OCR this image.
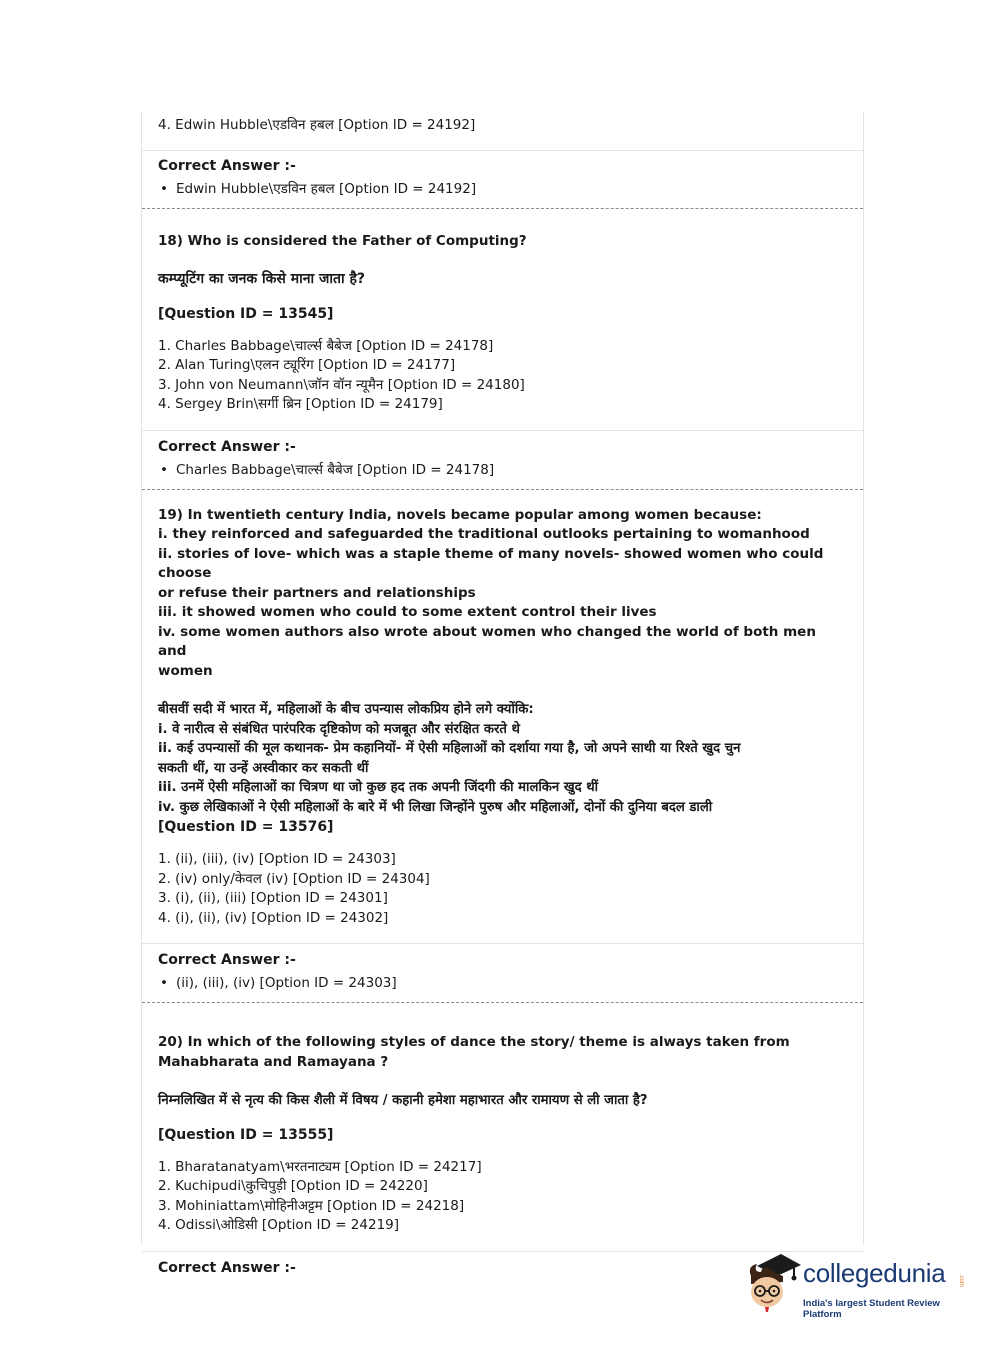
4. Edwin Hubble\एडविन हबल [Option ID = 24192]
Correct Answer :-
• Edwin Hubble\एडविन हबल [Option ID = 24192]
18) Who is considered the Father of Computing?
कम्प्यूटिंग का जनक किसे माना जाता है?
[Question ID = 13545]
1. Charles Babbage\चार्ल्स बैबेज [Option ID = 24178]
2. Alan Turing\एलन ट्यूरिंग [Option ID = 24177]
3. John von Neumann\जॉन वॉन न्यूमैन [Option ID = 24180]
4. Sergey Brin\सर्गी ब्रिन [Option ID = 24179]
Correct Answer :-
• Charles Babbage\चार्ल्स बैबेज [Option ID = 24178]
19) In twentieth century India, novels became popular among women because:
i. they reinforced and safeguarded the traditional outlooks pertaining to womanhood
ii. stories of love- which was a staple theme of many novels- showed women who could choose
or refuse their partners and relationships
iii. it showed women who could to some extent control their lives
iv. some women authors also wrote about women who changed the world of both men and
women
बीसवीं सदी में भारत में, महिलाओं के बीच उपन्यास लोकप्रिय होने लगे क्योंकि:
i. वे नारीत्व से संबंधित पारंपरिक दृष्टिकोण को मजबूत और संरक्षित करते थे
ii. कई उपन्यासों की मूल कथानक- प्रेम कहानियों- में ऐसी महिलाओं को दर्शाया गया है, जो अपने साथी या रिश्ते खुद चुन
सकती थीं, या उन्हें अस्वीकार कर सकती थीं
iii. उनमें ऐसी महिलाओं का चित्रण था जो कुछ हद तक अपनी जिंदगी की मालकिन खुद थीं
iv. कुछ लेखिकाओं ने ऐसी महिलाओं के बारे में भी लिखा जिन्होंने पुरुष और महिलाओं, दोनों की दुनिया बदल डाली
[Question ID = 13576]
1. (ii), (iii), (iv) [Option ID = 24303]
2. (iv) only/केवल (iv) [Option ID = 24304]
3. (i), (ii), (iii) [Option ID = 24301]
4. (i), (ii), (iv) [Option ID = 24302]
Correct Answer :-
• (ii), (iii), (iv) [Option ID = 24303]
20) In which of the following styles of dance the story/ theme is always taken from
Mahabharata and Ramayana ?
निम्नलिखित में से नृत्य की किस शैली में विषय / कहानी हमेशा महाभारत और रामायण से ली जाता है?
[Question ID = 13555]
1. Bharatanatyam\भरतनाट्यम [Option ID = 24217]
2. Kuchipudi\कुचिपुड़ी [Option ID = 24220]
3. Mohiniattam\मोहिनीअट्टम [Option ID = 24218]
4. Odissi\ओडिसी [Option ID = 24219]
Correct Answer :-	collegedunia .com
India's largest Student Review Platform
